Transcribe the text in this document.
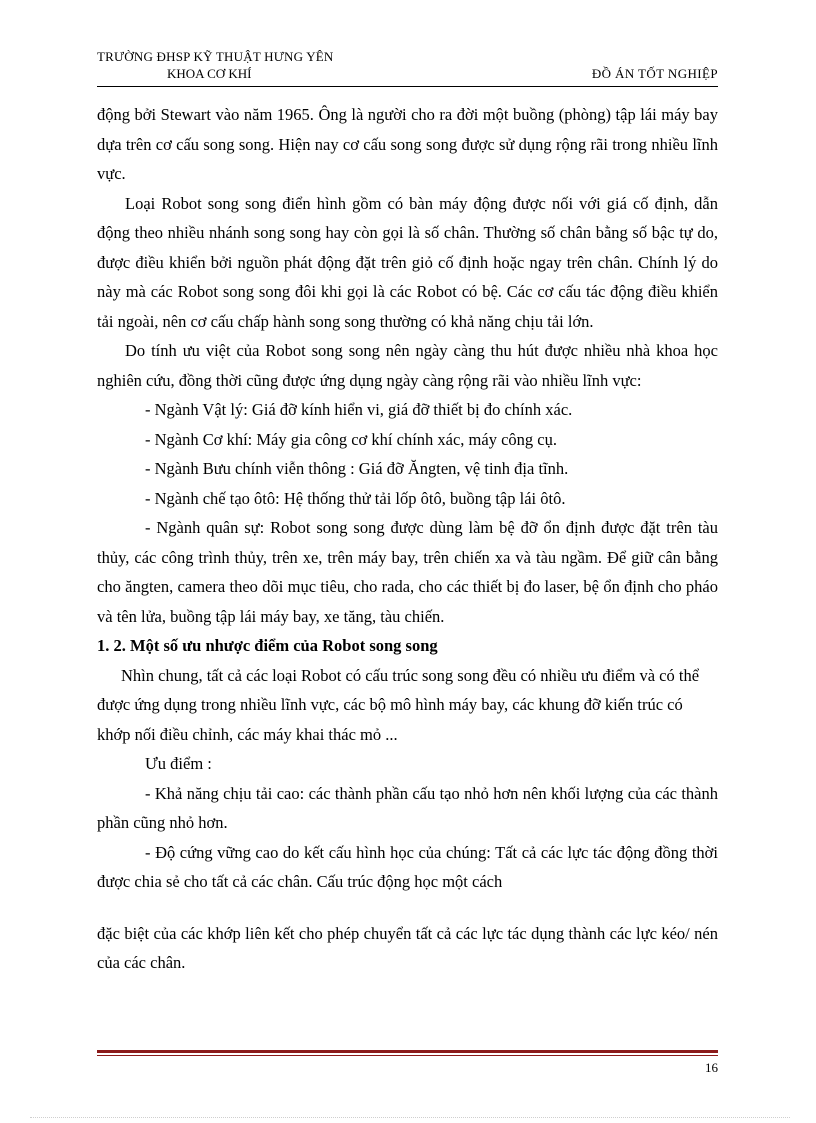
TRƯỜNG ĐHSP KỸ THUẬT HƯNG YÊN
KHOA CƠ KHÍ	ĐỒ ÁN TỐT NGHIỆP

động bởi Stewart vào năm 1965. Ông là người cho ra đời một buồng (phòng) tập lái máy bay dựa trên cơ cấu song song. Hiện nay cơ cấu song song được sử dụng rộng rãi trong nhiều lĩnh vực.

Loại Robot song song điển hình gồm có bàn máy động được nối với giá cố định, dẫn động theo nhiều nhánh song song hay còn gọi là số chân. Thường số chân bằng số bậc tự do, được điều khiển bởi nguồn phát động đặt trên giỏ cố định hoặc ngay trên chân. Chính lý do này mà các Robot song song đôi khi gọi là các Robot có bệ. Các cơ cấu tác động điều khiển tải ngoài, nên cơ cấu chấp hành song song thường có khả năng chịu tải lớn.

Do tính ưu việt của Robot song song nên ngày càng thu hút được nhiều nhà khoa học nghiên cứu, đồng thời cũng được ứng dụng ngày càng rộng rãi vào nhiều lĩnh vực:

- Ngành Vật lý: Giá đỡ kính hiển vi, giá đỡ thiết bị đo chính xác.

- Ngành Cơ khí: Máy gia công cơ khí chính xác, máy công cụ.

- Ngành Bưu chính viễn thông : Giá đỡ Ăngten, vệ tinh địa tĩnh.

- Ngành chế tạo ôtô: Hệ thống thử tải lốp ôtô, buồng tập lái ôtô.

- Ngành quân sự: Robot song song được dùng làm bệ đỡ ổn định được đặt trên tàu thủy, các công trình thủy, trên xe, trên máy bay, trên chiến xa và tàu ngầm. Để giữ cân bằng cho ăngten, camera theo dõi mục tiêu, cho rada, cho các thiết bị đo laser, bệ ổn định cho pháo và tên lửa, buồng tập lái máy bay, xe tăng, tàu chiến.

1. 2. Một số ưu nhược điểm của Robot song song

Nhìn chung, tất cả các loại Robot có cấu trúc song song đều có nhiều ưu điểm và có thể được ứng dụng trong nhiều lĩnh vực, các bộ mô hình máy bay, các khung đỡ kiến trúc có khớp nối điều chỉnh, các máy khai thác mỏ ...

Ưu điểm :

- Khả năng chịu tải cao: các thành phần cấu tạo nhỏ hơn nên khối lượng của các thành phần cũng nhỏ hơn.

- Độ cứng vững cao do kết cấu hình học của chúng: Tất cả các lực tác động đồng thời được chia sẻ cho tất cả các chân. Cấu trúc động học một cách

đặc biệt của các khớp liên kết cho phép chuyển tất cả các lực tác dụng thành các lực kéo/ nén của các chân.

16
